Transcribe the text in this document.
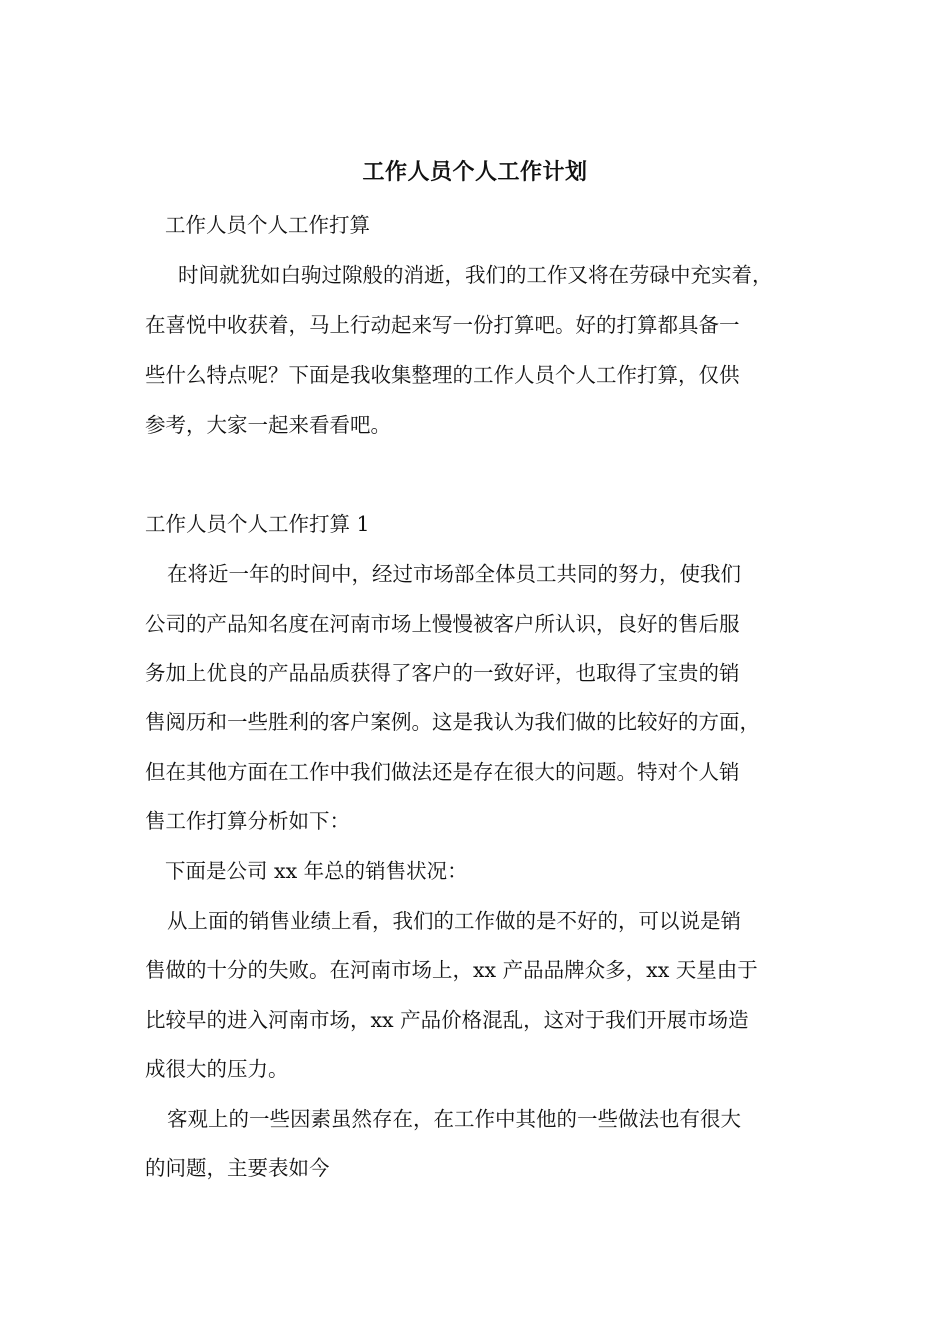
工作人员个人工作计划
工作人员个人工作打算
时间就犹如白驹过隙般的消逝，我们的工作又将在劳碌中充实着，
在喜悦中收获着，马上行动起来写一份打算吧。好的打算都具备一
些什么特点呢？下面是我收集整理的工作人员个人工作打算，仅供
参考，大家一起来看看吧。
工作人员个人工作打算 1
在将近一年的时间中，经过市场部全体员工共同的努力，使我们
公司的产品知名度在河南市场上慢慢被客户所认识，良好的售后服
务加上优良的产品品质获得了客户的一致好评，也取得了宝贵的销
售阅历和一些胜利的客户案例。这是我认为我们做的比较好的方面，
但在其他方面在工作中我们做法还是存在很大的问题。特对个人销
售工作打算分析如下：
下面是公司 xx 年总的销售状况：
从上面的销售业绩上看，我们的工作做的是不好的，可以说是销
售做的十分的失败。在河南市场上，xx 产品品牌众多，xx 天星由于
比较早的进入河南市场，xx 产品价格混乱，这对于我们开展市场造
成很大的压力。
客观上的一些因素虽然存在，在工作中其他的一些做法也有很大
的问题，主要表如今
